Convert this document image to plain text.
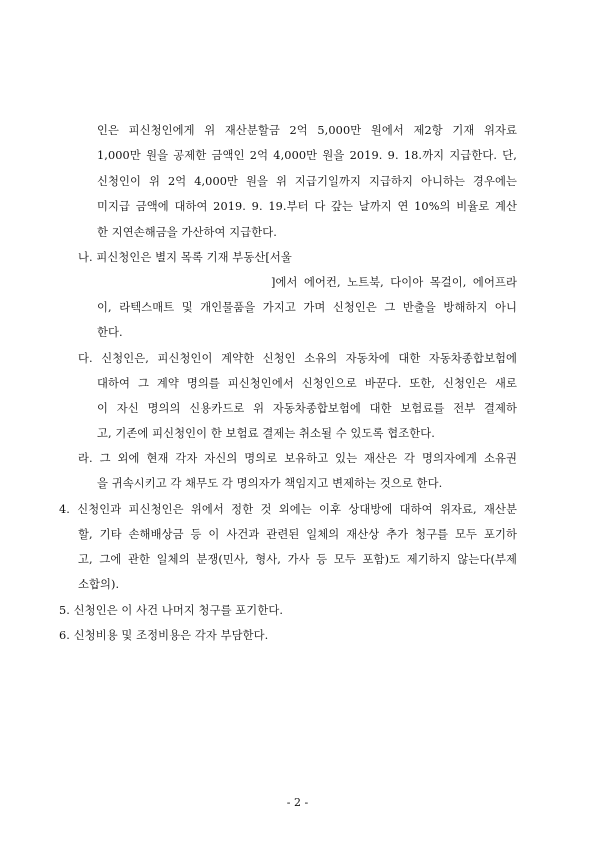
인은 피신청인에게 위 재산분할금 2억 5,000만 원에서 제2항 기재 위자료
1,000만 원을 공제한 금액인 2억 4,000만 원을 2019. 9. 18.까지 지급한다. 단,
신청인이 위 2억 4,000만 원을 위 지급기일까지 지급하지 아니하는 경우에는
미지급 금액에 대하여 2019. 9. 19.부터 다 갚는 날까지 연 10%의 비율로 계산
한 지연손해금을 가산하여 지급한다.
나. 피신청인은 별지 목록 기재 부동산[서울
]에서 에어컨, 노트북, 다이아 목걸이, 에어프라
이, 라텍스매트 및 개인물품을 가지고 가며 신청인은 그 반출을 방해하지 아니
한다.
다. 신청인은, 피신청인이 계약한 신청인 소유의 자동차에 대한 자동차종합보험에
대하여 그 계약 명의를 피신청인에서 신청인으로 바꾼다. 또한, 신청인은 새로
이 자신 명의의 신용카드로 위 자동차종합보험에 대한 보험료를 전부 결제하
고, 기존에 피신청인이 한 보험료 결제는 취소될 수 있도록 협조한다.
라. 그 외에 현재 각자 자신의 명의로 보유하고 있는 재산은 각 명의자에게 소유권
을 귀속시키고 각 채무도 각 명의자가 책임지고 변제하는 것으로 한다.
4. 신청인과 피신청인은 위에서 정한 것 외에는 이후 상대방에 대하여 위자료, 재산분
할, 기타 손해배상금 등 이 사건과 관련된 일체의 재산상 추가 청구를 모두 포기하
고, 그에 관한 일체의 분쟁(민사, 형사, 가사 등 모두 포함)도 제기하지 않는다(부제
소합의).
5. 신청인은 이 사건 나머지 청구를 포기한다.
6. 신청비용 및 조정비용은 각자 부담한다.
- 2 -
